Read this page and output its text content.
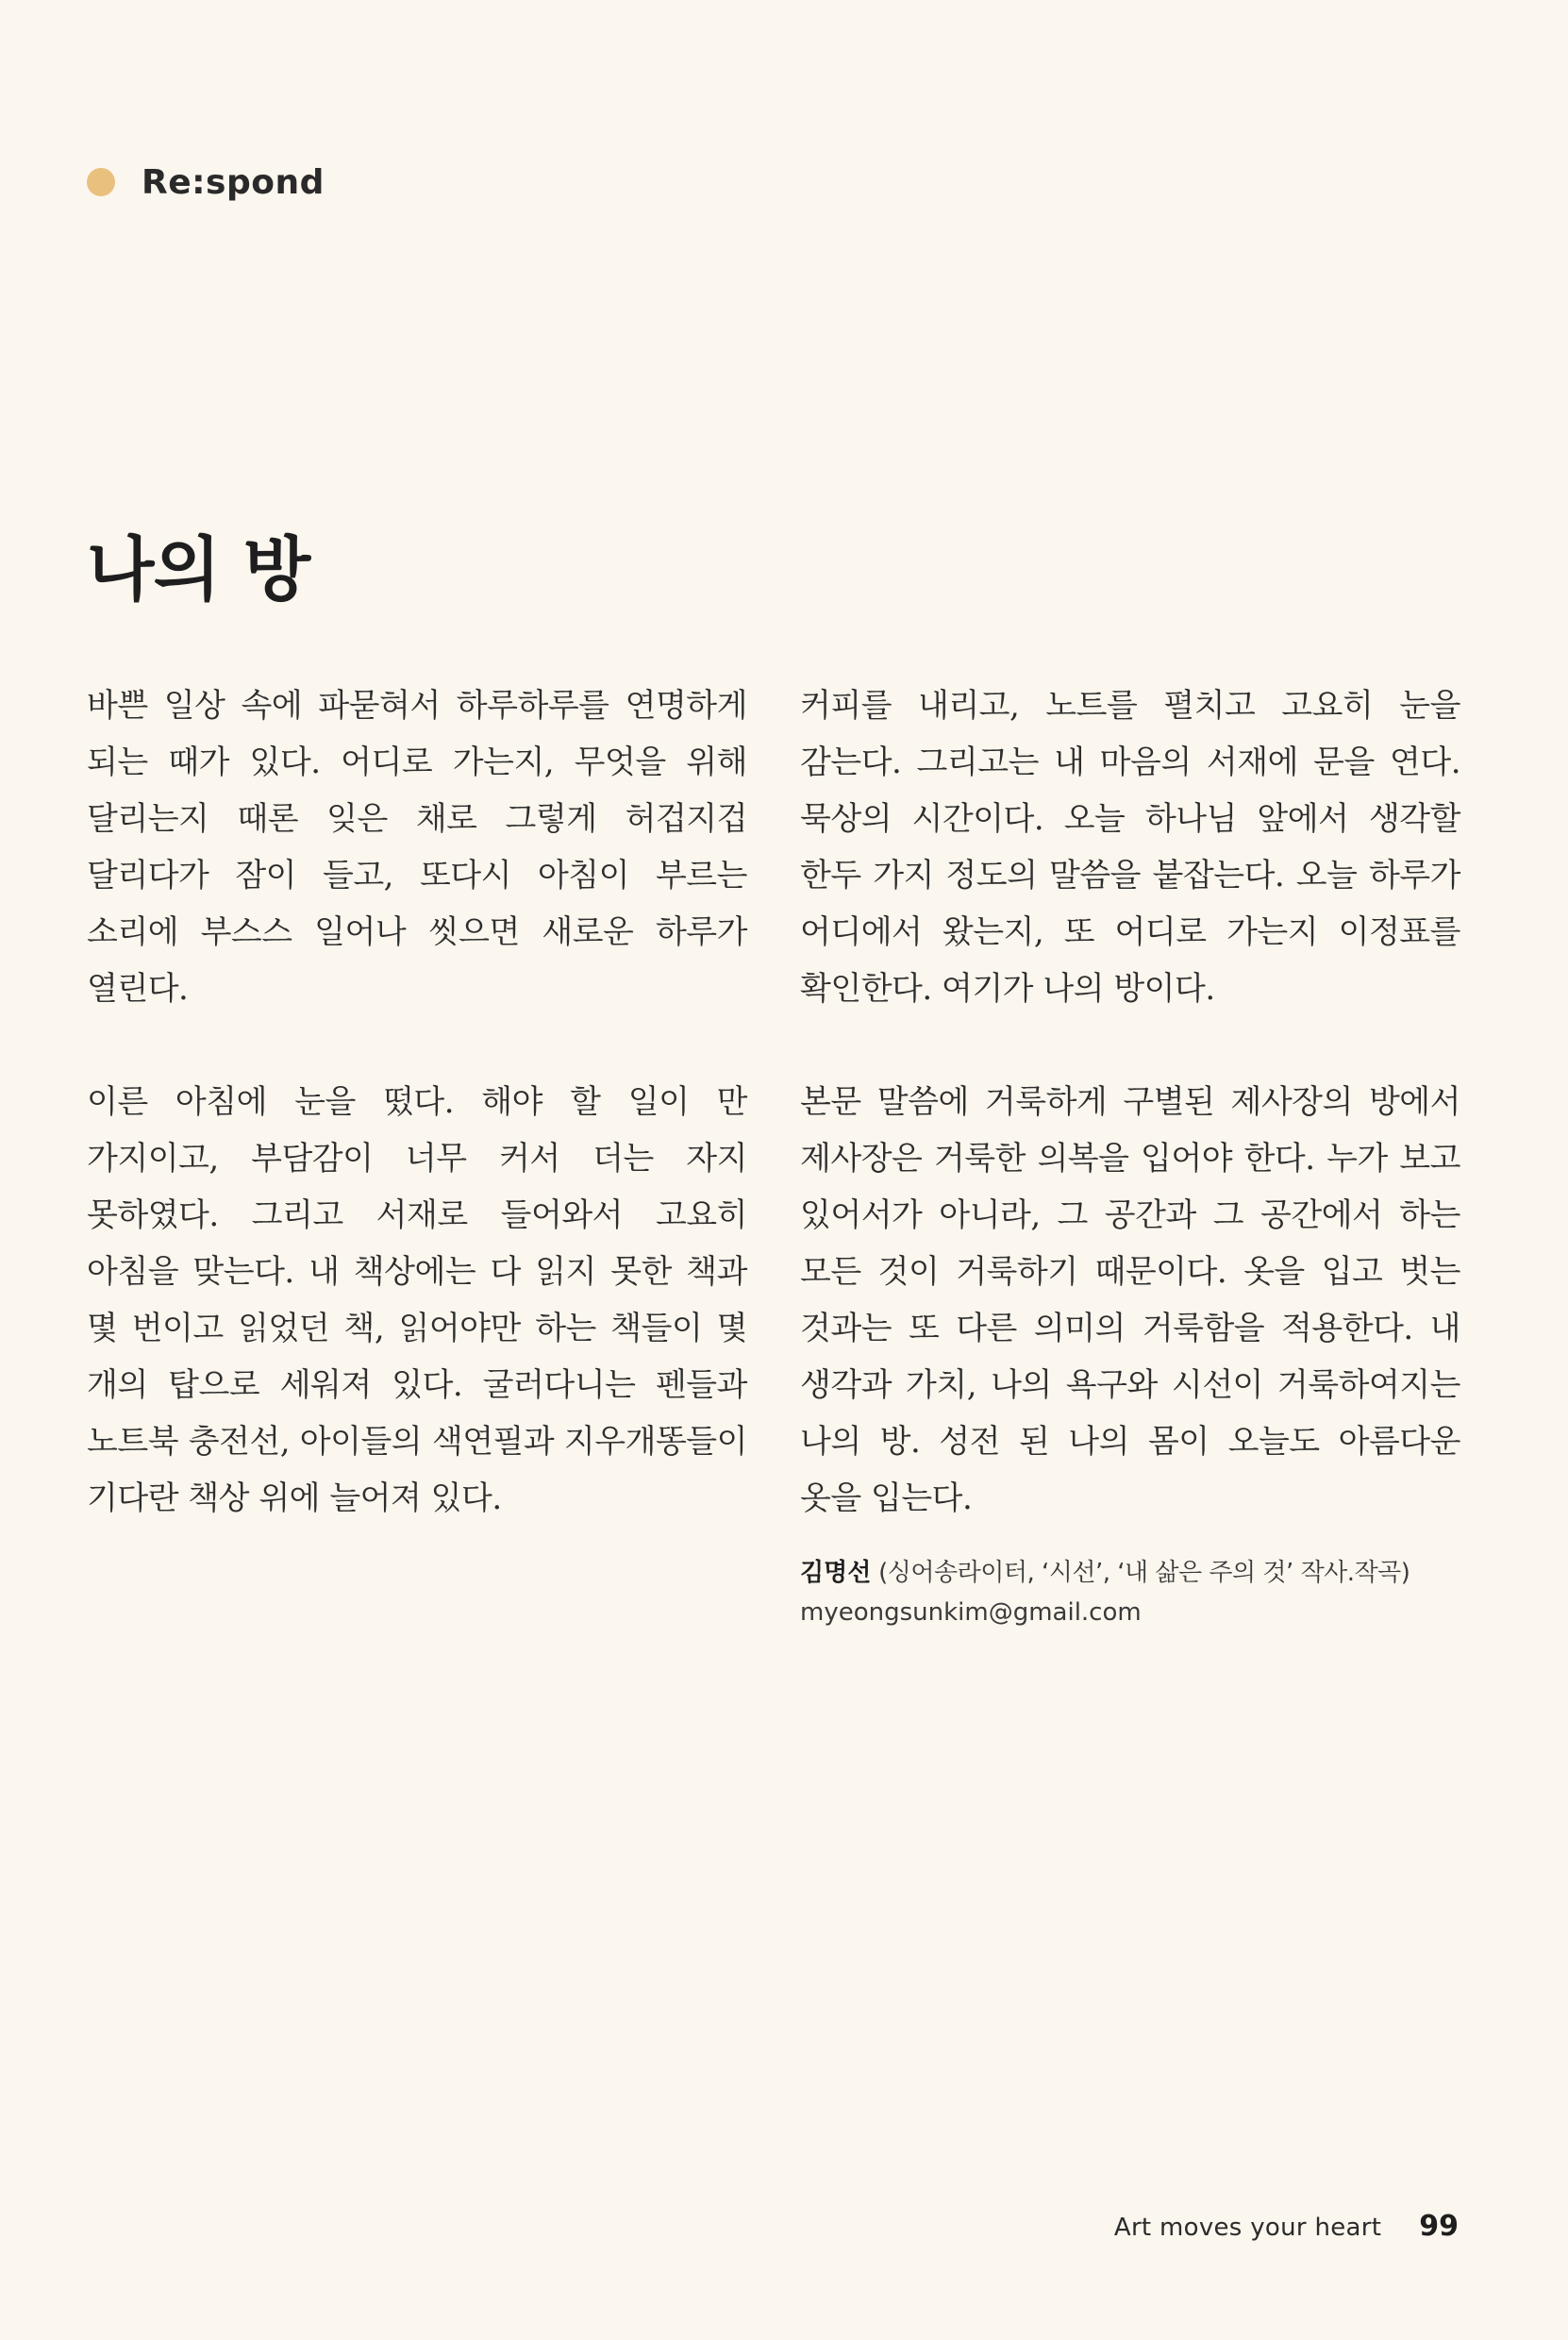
Re:spond
나의 방

바쁜 일상 속에 파묻혀서 하루하루를 연명하게 되는 때가 있다. 어디로 가는지, 무엇을 위해 달리는지 때론 잊은 채로 그렇게 허겁지겁 달리다가 잠이 들고, 또다시 아침이 부르는 소리에 부스스 일어나 씻으면 새로운 하루가 열린다.

이른 아침에 눈을 떴다. 해야 할 일이 만 가지이고, 부담감이 너무 커서 더는 자지 못하였다. 그리고 서재로 들어와서 고요히 아침을 맞는다. 내 책상에는 다 읽지 못한 책과 몇 번이고 읽었던 책, 읽어야만 하는 책들이 몇 개의 탑으로 세워져 있다. 굴러다니는 펜들과 노트북 충전선, 아이들의 색연필과 지우개똥들이 기다란 책상 위에 늘어져 있다.

커피를 내리고, 노트를 펼치고 고요히 눈을 감는다. 그리고는 내 마음의 서재에 문을 연다. 묵상의 시간이다. 오늘 하나님 앞에서 생각할 한두 가지 정도의 말씀을 붙잡는다. 오늘 하루가 어디에서 왔는지, 또 어디로 가는지 이정표를 확인한다. 여기가 나의 방이다.

본문 말씀에 거룩하게 구별된 제사장의 방에서 제사장은 거룩한 의복을 입어야 한다. 누가 보고 있어서가 아니라, 그 공간과 그 공간에서 하는 모든 것이 거룩하기 때문이다. 옷을 입고 벗는 것과는 또 다른 의미의 거룩함을 적용한다. 내 생각과 가치, 나의 욕구와 시선이 거룩하여지는 나의 방. 성전 된 나의 몸이 오늘도 아름다운 옷을 입는다.

김명선 (싱어송라이터, ‘시선’, ‘내 삶은 주의 것’ 작사.작곡)
myeongsunkim@gmail.com
Art moves your heart 99
